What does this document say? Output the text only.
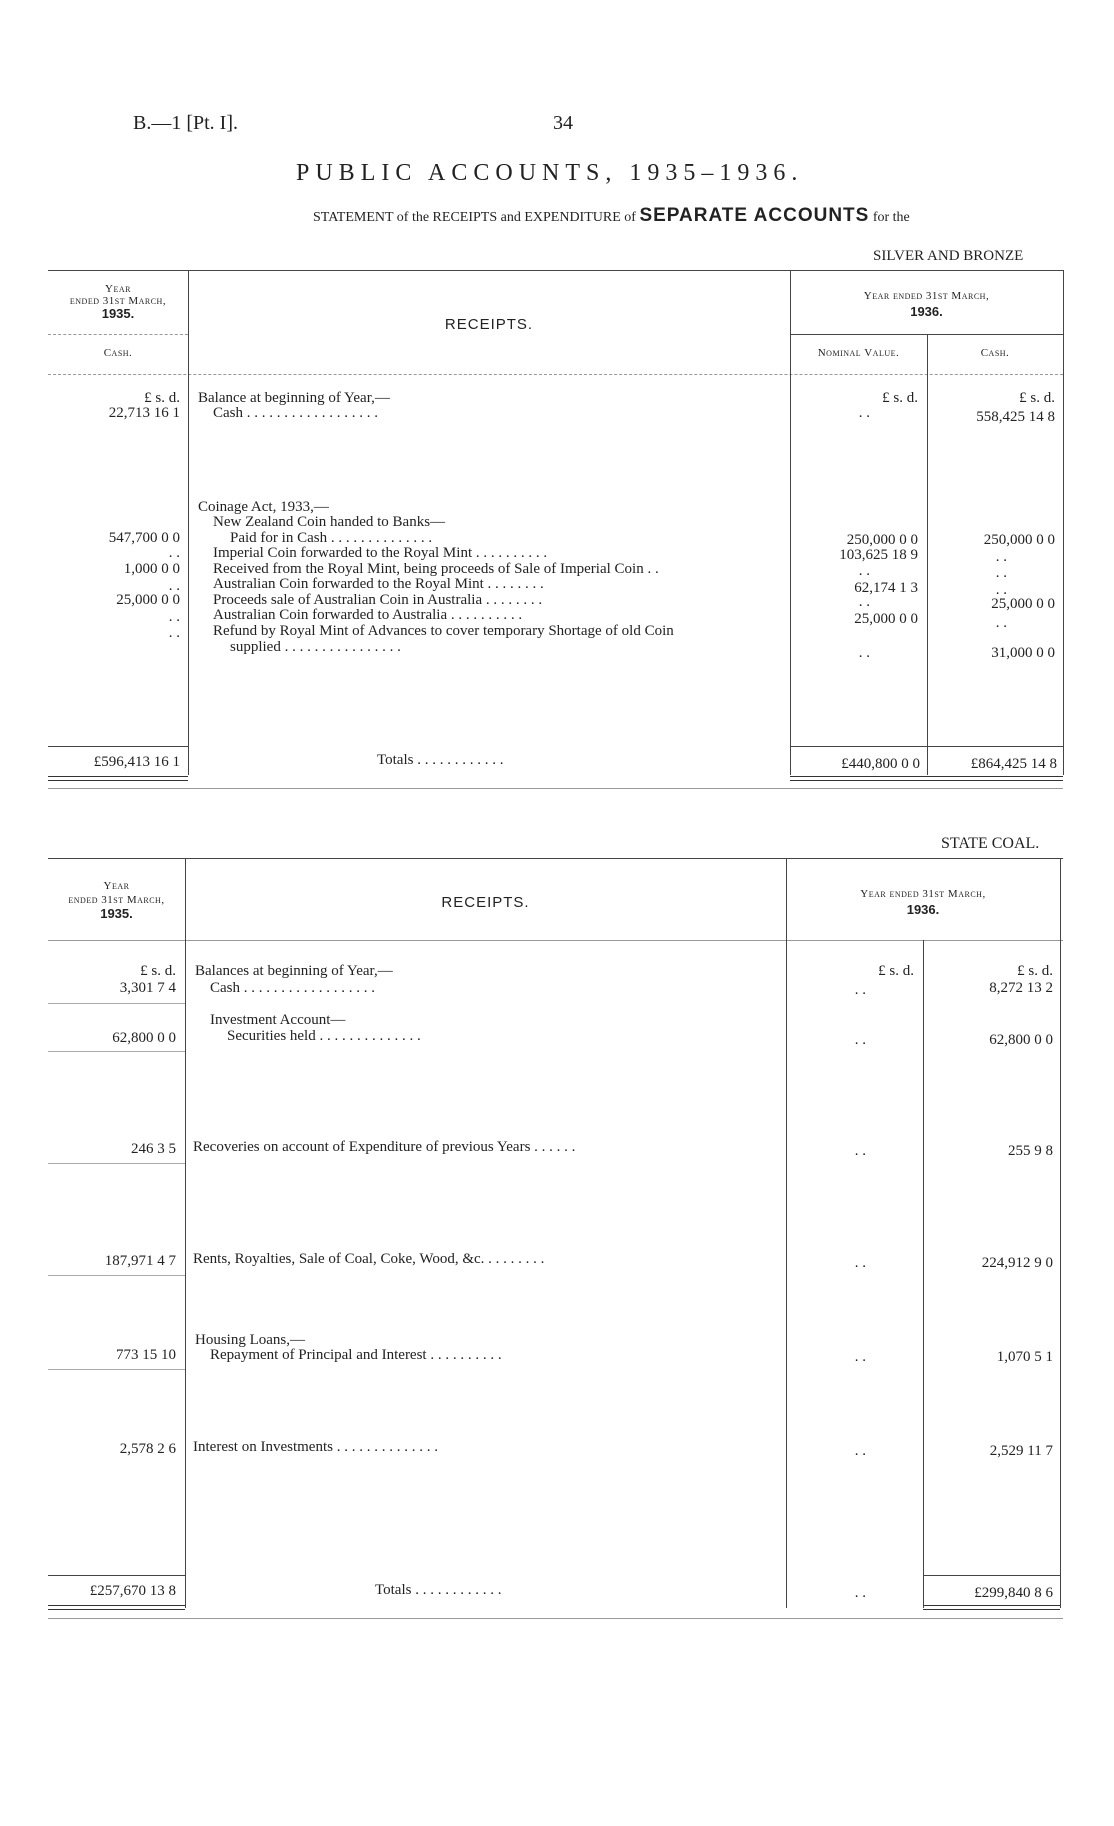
B.—1 [Pt. I].	34
PUBLIC ACCOUNTS, 1935–1936.
STATEMENT of the RECEIPTS and EXPENDITURE of SEPARATE ACCOUNTS for the
SILVER AND BRONZE
Year
ended 31st March,
1935.
Cash.
RECEIPTS.
Year ended 31st March,
1936.
Nominal Value.	Cash.
£ s. d.	£ s. d.	£ s. d.
Balance at beginning of Year,—
22,713 16 1 Cash . . . . . . . . . . . . . . . . . .	. .	558,425 14 8
Coinage Act, 1933,—
New Zealand Coin handed to Banks—
547,700 0 0	Paid for in Cash . . . . . . . . . . . . . .	250,000 0 0	250,000 0 0
. . Imperial Coin forwarded to the Royal Mint . . . . . . . . . .	103,625 18 9	. .
1,000 0 0 Received from the Royal Mint, being proceeds of Sale of Imperial Coin . .	. .	. .
. . Australian Coin forwarded to the Royal Mint . . . . . . . .	62,174 1 3	. .
25,000 0 0 Proceeds sale of Australian Coin in Australia . . . . . . . .	. .	25,000 0 0
. . Australian Coin forwarded to Australia . . . . . . . . . .	25,000 0 0	. .
. . Refund by Royal Mint of Advances to cover temporary Shortage of old Coin
supplied . . . . . . . . . . . . . . . .	. .	31,000 0 0
£596,413 16 1	Totals . . . . . . . . . . . .	£440,800 0 0	£864,425 14 8
STATE COAL.
Year
ended 31st March,
1935.
RECEIPTS.	Year ended 31st March,
1936.
£ s. d.	£ s. d.	£ s. d.
Balances at beginning of Year,—
3,301 7 4 Cash . . . . . . . . . . . . . . . . . .	. .	8,272 13 2
Investment Account—
62,800 0 0	Securities held . . . . . . . . . . . . . .	. .	62,800 0 0
246 3 5 Recoveries on account of Expenditure of previous Years . . . . . .	. .	255 9 8
187,971 4 7 Rents, Royalties, Sale of Coal, Coke, Wood, &c. . . . . . . . .	. .	224,912 9 0
Housing Loans,—
773 15 10 Repayment of Principal and Interest . . . . . . . . . .	. .	1,070 5 1
2,578 2 6 Interest on Investments . . . . . . . . . . . . . .	. .	2,529 11 7
£257,670 13 8	Totals . . . . . . . . . . . .	. .	£299,840 8 6
